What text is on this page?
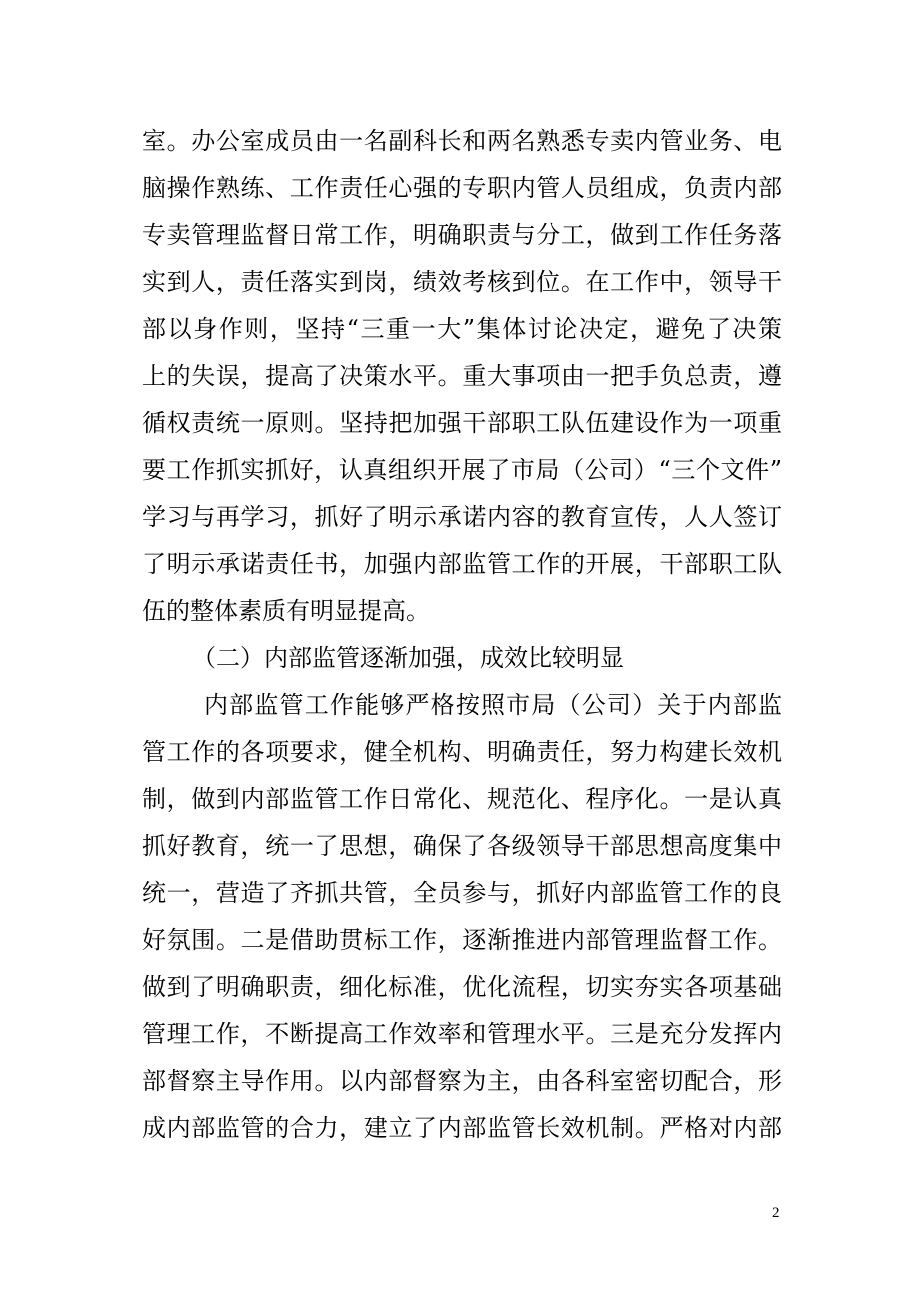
室。办公室成员由一名副科长和两名熟悉专卖内管业务、电
脑操作熟练、工作责任心强的专职内管人员组成，负责内部
专卖管理监督日常工作，明确职责与分工，做到工作任务落
实到人，责任落实到岗，绩效考核到位。在工作中，领导干
部以身作则，坚持“三重一大”集体讨论决定，避免了决策
上的失误，提高了决策水平。重大事项由一把手负总责，遵
循权责统一原则。坚持把加强干部职工队伍建设作为一项重
要工作抓实抓好，认真组织开展了市局（公司）“三个文件”
学习与再学习，抓好了明示承诺内容的教育宣传，人人签订
了明示承诺责任书，加强内部监管工作的开展，干部职工队
伍的整体素质有明显提高。
（二）内部监管逐渐加强，成效比较明显
内部监管工作能够严格按照市局（公司）关于内部监
管工作的各项要求，健全机构、明确责任，努力构建长效机
制，做到内部监管工作日常化、规范化、程序化。一是认真
抓好教育，统一了思想，确保了各级领导干部思想高度集中
统一，营造了齐抓共管，全员参与，抓好内部监管工作的良
好氛围。二是借助贯标工作，逐渐推进内部管理监督工作。
做到了明确职责，细化标准，优化流程，切实夯实各项基础
管理工作，不断提高工作效率和管理水平。三是充分发挥内
部督察主导作用。以内部督察为主，由各科室密切配合，形
成内部监管的合力，建立了内部监管长效机制。严格对内部
2
